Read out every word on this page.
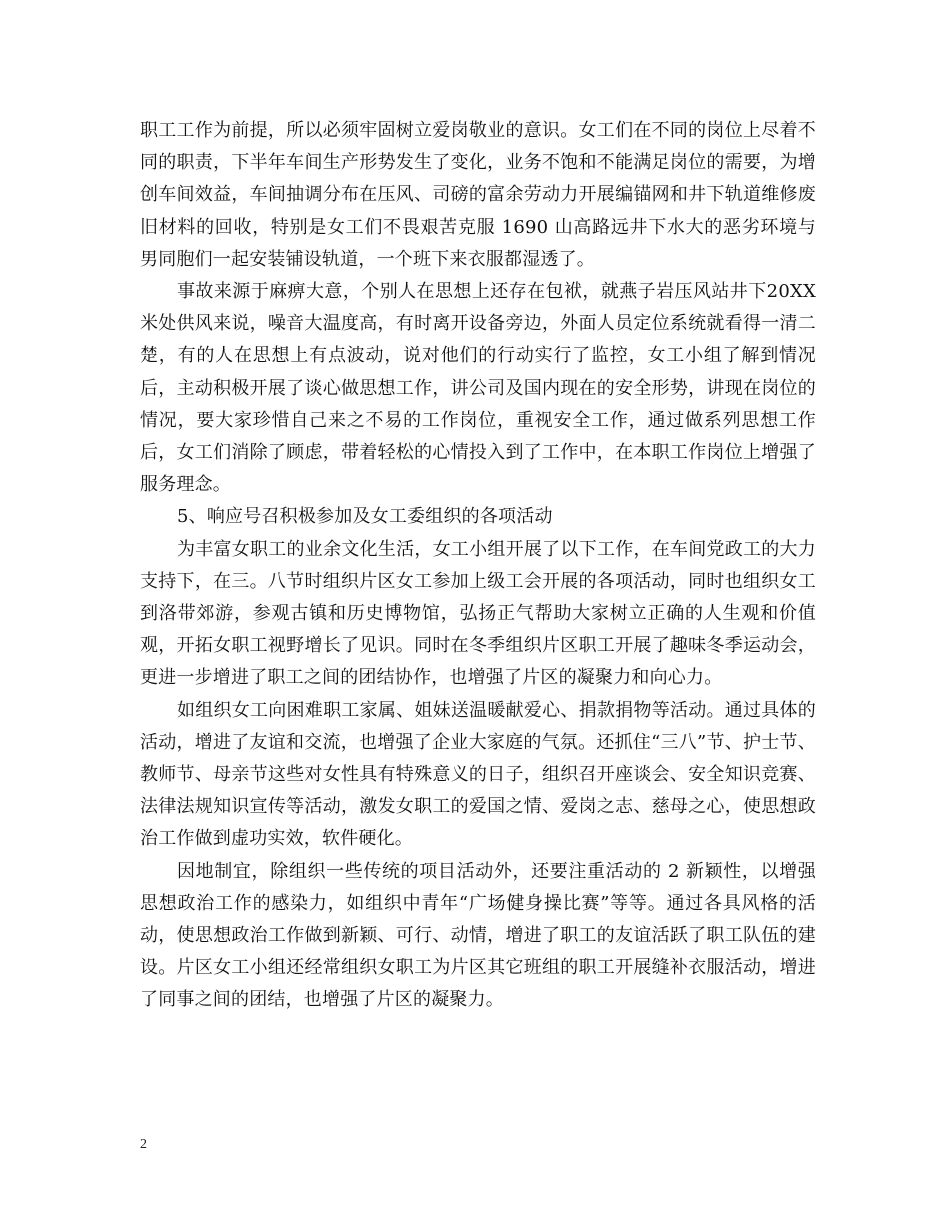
职工工作为前提，所以必须牢固树立爱岗敬业的意识。女工们在不同的岗位上尽着不同的职责，下半年车间生产形势发生了变化，业务不饱和不能满足岗位的需要，为增创车间效益，车间抽调分布在压风、司磅的富余劳动力开展编锚网和井下轨道维修废旧材料的回收，特别是女工们不畏艰苦克服 1690 山高路远井下水大的恶劣环境与男同胞们一起安装铺设轨道，一个班下来衣服都湿透了。

事故来源于麻痹大意，个别人在思想上还存在包袱，就燕子岩压风站井下20XX 米处供风来说，噪音大温度高，有时离开设备旁边，外面人员定位系统就看得一清二楚，有的人在思想上有点波动，说对他们的行动实行了监控，女工小组了解到情况后，主动积极开展了谈心做思想工作，讲公司及国内现在的安全形势，讲现在岗位的情况，要大家珍惜自己来之不易的工作岗位，重视安全工作，通过做系列思想工作后，女工们消除了顾虑，带着轻松的心情投入到了工作中，在本职工作岗位上增强了服务理念。

5、响应号召积极参加及女工委组织的各项活动

为丰富女职工的业余文化生活，女工小组开展了以下工作，在车间党政工的大力支持下，在三。八节时组织片区女工参加上级工会开展的各项活动，同时也组织女工到洛带郊游，参观古镇和历史博物馆，弘扬正气帮助大家树立正确的人生观和价值观，开拓女职工视野增长了见识。同时在冬季组织片区职工开展了趣味冬季运动会，更进一步增进了职工之间的团结协作，也增强了片区的凝聚力和向心力。

如组织女工向困难职工家属、姐妹送温暖献爱心、捐款捐物等活动。通过具体的活动，增进了友谊和交流，也增强了企业大家庭的气氛。还抓住“三八”节、护士节、教师节、母亲节这些对女性具有特殊意义的日子，组织召开座谈会、安全知识竞赛、法律法规知识宣传等活动，激发女职工的爱国之情、爱岗之志、慈母之心，使思想政治工作做到虚功实效，软件硬化。

因地制宜，除组织一些传统的项目活动外，还要注重活动的 2 新颖性，以增强思想政治工作的感染力，如组织中青年“广场健身操比赛”等等。通过各具风格的活动，使思想政治工作做到新颖、可行、动情，增进了职工的友谊活跃了职工队伍的建设。片区女工小组还经常组织女职工为片区其它班组的职工开展缝补衣服活动，增进了同事之间的团结，也增强了片区的凝聚力。

2
